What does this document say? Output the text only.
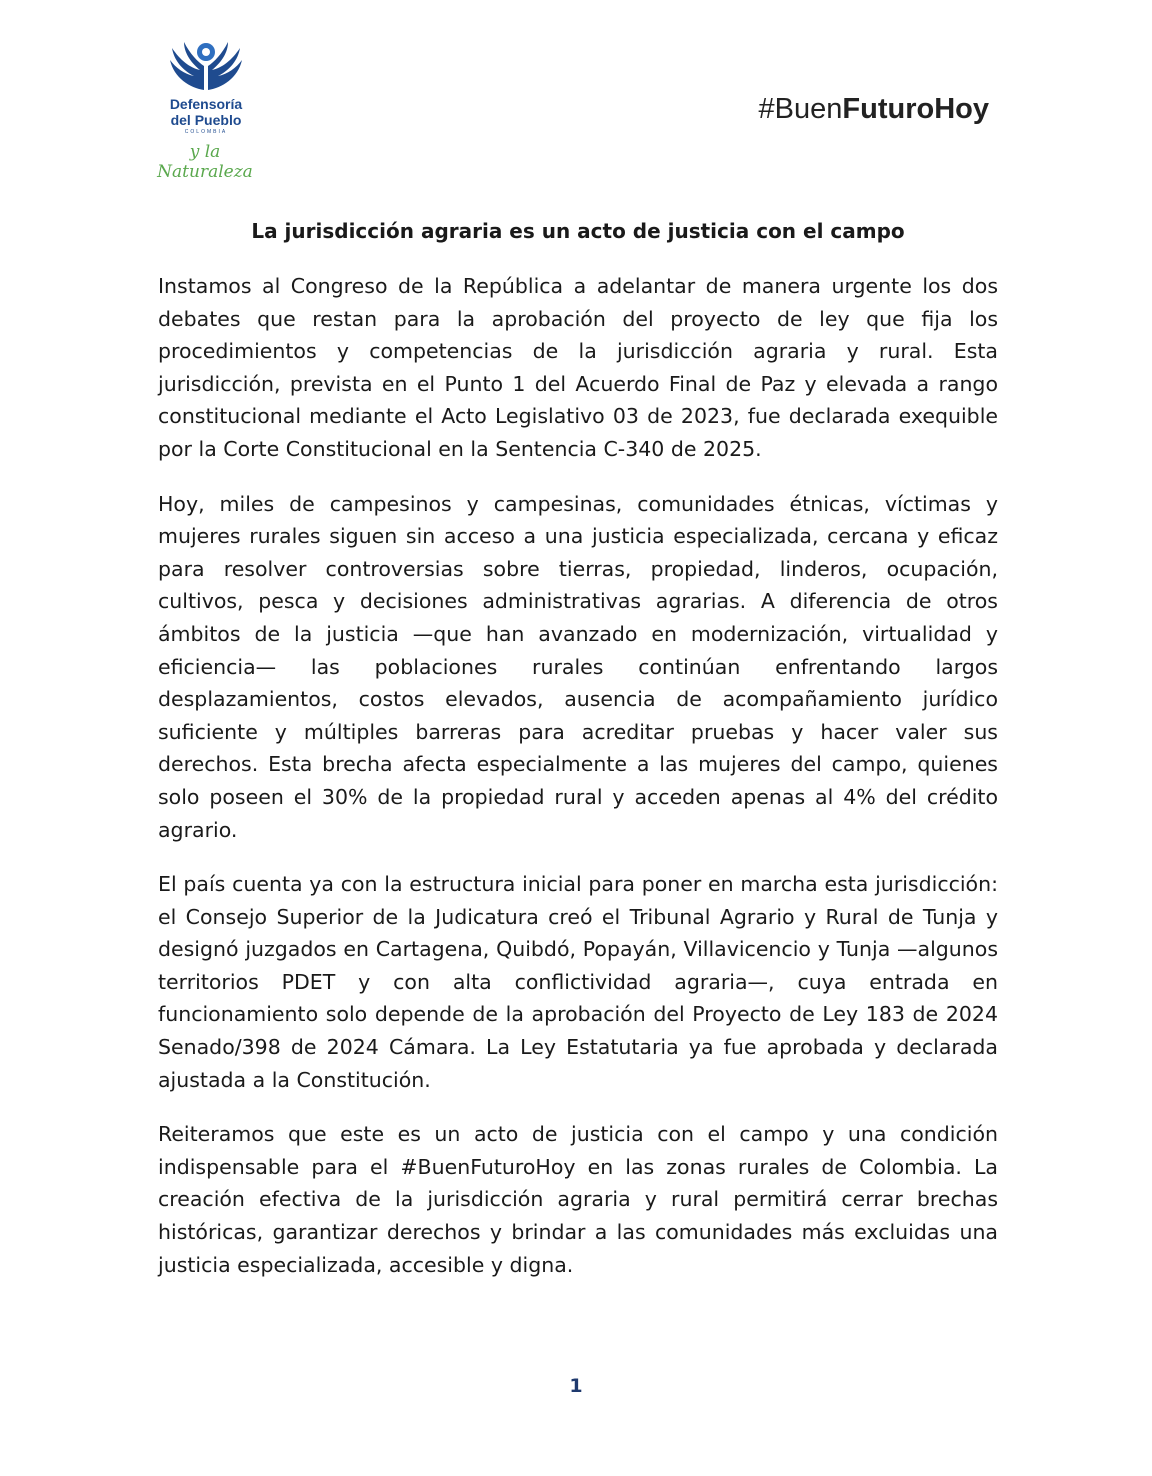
Defensoría
del Pueblo
COLOMBIA
y la Naturaleza
#BuenFuturoHoy
La jurisdicción agraria es un acto de justicia con el campo

Instamos al Congreso de la República a adelantar de manera urgente los dos debates que restan para la aprobación del proyecto de ley que fija los procedimientos y competencias de la jurisdicción agraria y rural. Esta jurisdicción, prevista en el Punto 1 del Acuerdo Final de Paz y elevada a rango constitucional mediante el Acto Legislativo 03 de 2023, fue declarada exequible por la Corte Constitucional en la Sentencia C-340 de 2025.

Hoy, miles de campesinos y campesinas, comunidades étnicas, víctimas y mujeres rurales siguen sin acceso a una justicia especializada, cercana y eficaz para resolver controversias sobre tierras, propiedad, linderos, ocupación, cultivos, pesca y decisiones administrativas agrarias. A diferencia de otros ámbitos de la justicia —que han avanzado en modernización, virtualidad y eficiencia— las poblaciones rurales continúan enfrentando largos desplazamientos, costos elevados, ausencia de acompañamiento jurídico suficiente y múltiples barreras para acreditar pruebas y hacer valer sus derechos. Esta brecha afecta especialmente a las mujeres del campo, quienes solo poseen el 30% de la propiedad rural y acceden apenas al 4% del crédito agrario.

El país cuenta ya con la estructura inicial para poner en marcha esta jurisdicción: el Consejo Superior de la Judicatura creó el Tribunal Agrario y Rural de Tunja y designó juzgados en Cartagena, Quibdó, Popayán, Villavicencio y Tunja —algunos territorios PDET y con alta conflictividad agraria—, cuya entrada en funcionamiento solo depende de la aprobación del Proyecto de Ley 183 de 2024 Senado/398 de 2024 Cámara. La Ley Estatutaria ya fue aprobada y declarada ajustada a la Constitución.

Reiteramos que este es un acto de justicia con el campo y una condición indispensable para el #BuenFuturoHoy en las zonas rurales de Colombia. La creación efectiva de la jurisdicción agraria y rural permitirá cerrar brechas históricas, garantizar derechos y brindar a las comunidades más excluidas una justicia especializada, accesible y digna.

1
